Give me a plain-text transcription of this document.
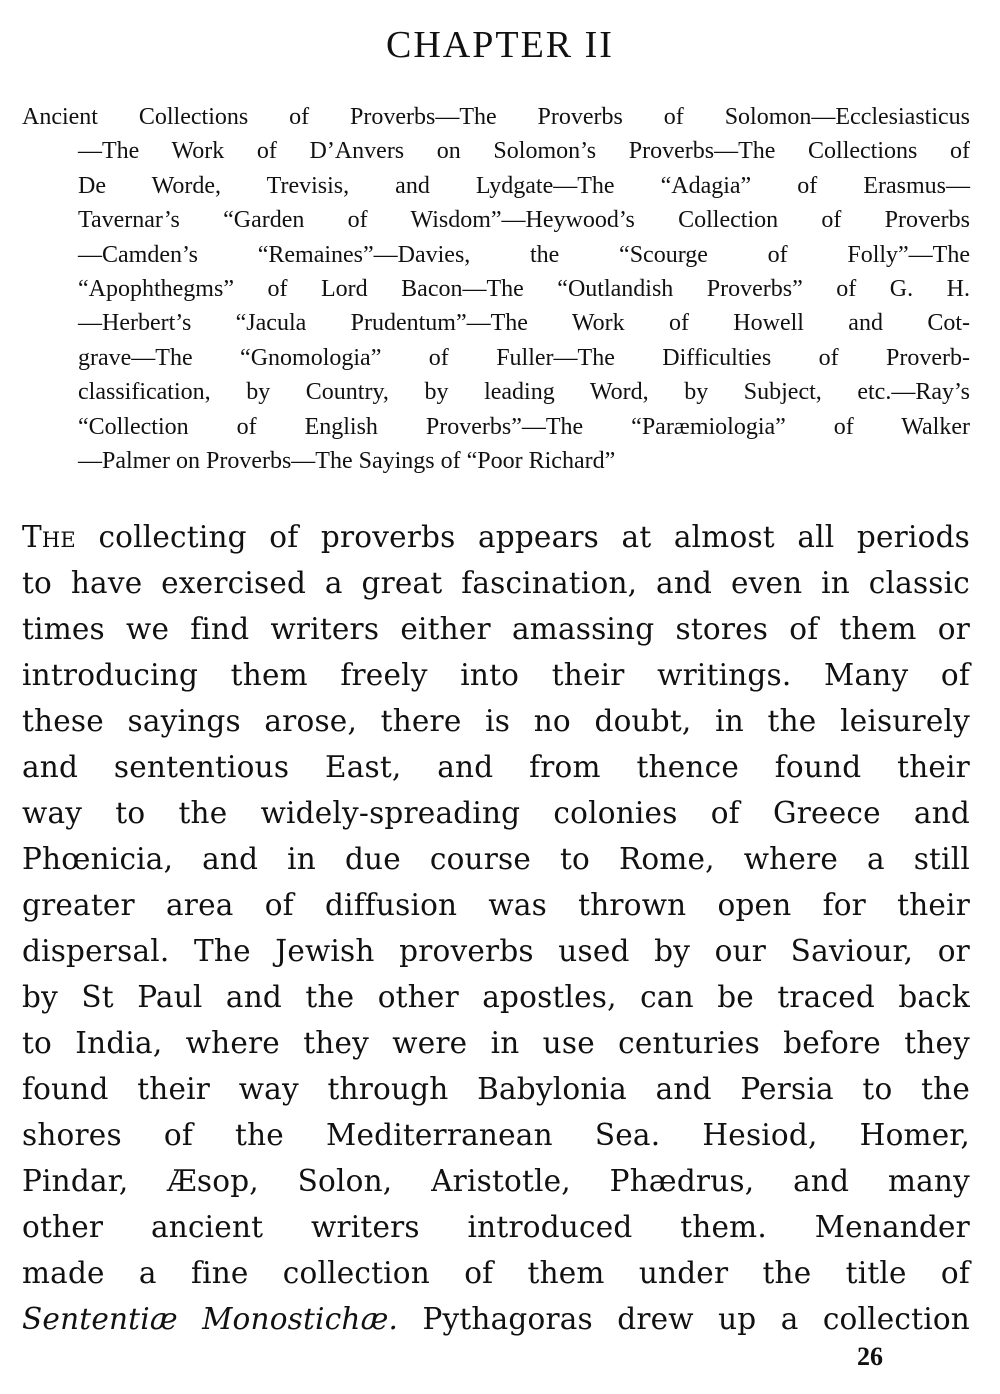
CHAPTER II
Ancient Collections of Proverbs—The Proverbs of Solomon—Ecclesiasticus
—The Work of D’Anvers on Solomon’s Proverbs—The Collections of
De Worde, Trevisis, and Lydgate—The “Adagia” of Erasmus—
Tavernar’s “Garden of Wisdom”—Heywood’s Collection of Proverbs
—Camden’s “Remaines”—Davies, the “Scourge of Folly”—The
“Apophthegms” of Lord Bacon—The “Outlandish Proverbs” of G. H.
—Herbert’s “Jacula Prudentum”—The Work of Howell and Cot-
grave—The “Gnomologia” of Fuller—The Difficulties of Proverb-
classification, by Country, by leading Word, by Subject, etc.—Ray’s
“Collection of English Proverbs”—The “Paræmiologia” of Walker
—Palmer on Proverbs—The Sayings of “Poor Richard”
The collecting of proverbs appears at almost all periods
to have exercised a great fascination, and even in classic
times we find writers either amassing stores of them or
introducing them freely into their writings. Many of
these sayings arose, there is no doubt, in the leisurely
and sententious East, and from thence found their
way to the widely-spreading colonies of Greece and
Phœnicia, and in due course to Rome, where a still
greater area of diffusion was thrown open for their
dispersal. The Jewish proverbs used by our Saviour, or
by St Paul and the other apostles, can be traced back
to India, where they were in use centuries before they
found their way through Babylonia and Persia to the
shores of the Mediterranean Sea. Hesiod, Homer,
Pindar, Æsop, Solon, Aristotle, Phædrus, and many
other ancient writers introduced them. Menander
made a fine collection of them under the title of
Sententiæ Monostichæ. Pythagoras drew up a collection
26
